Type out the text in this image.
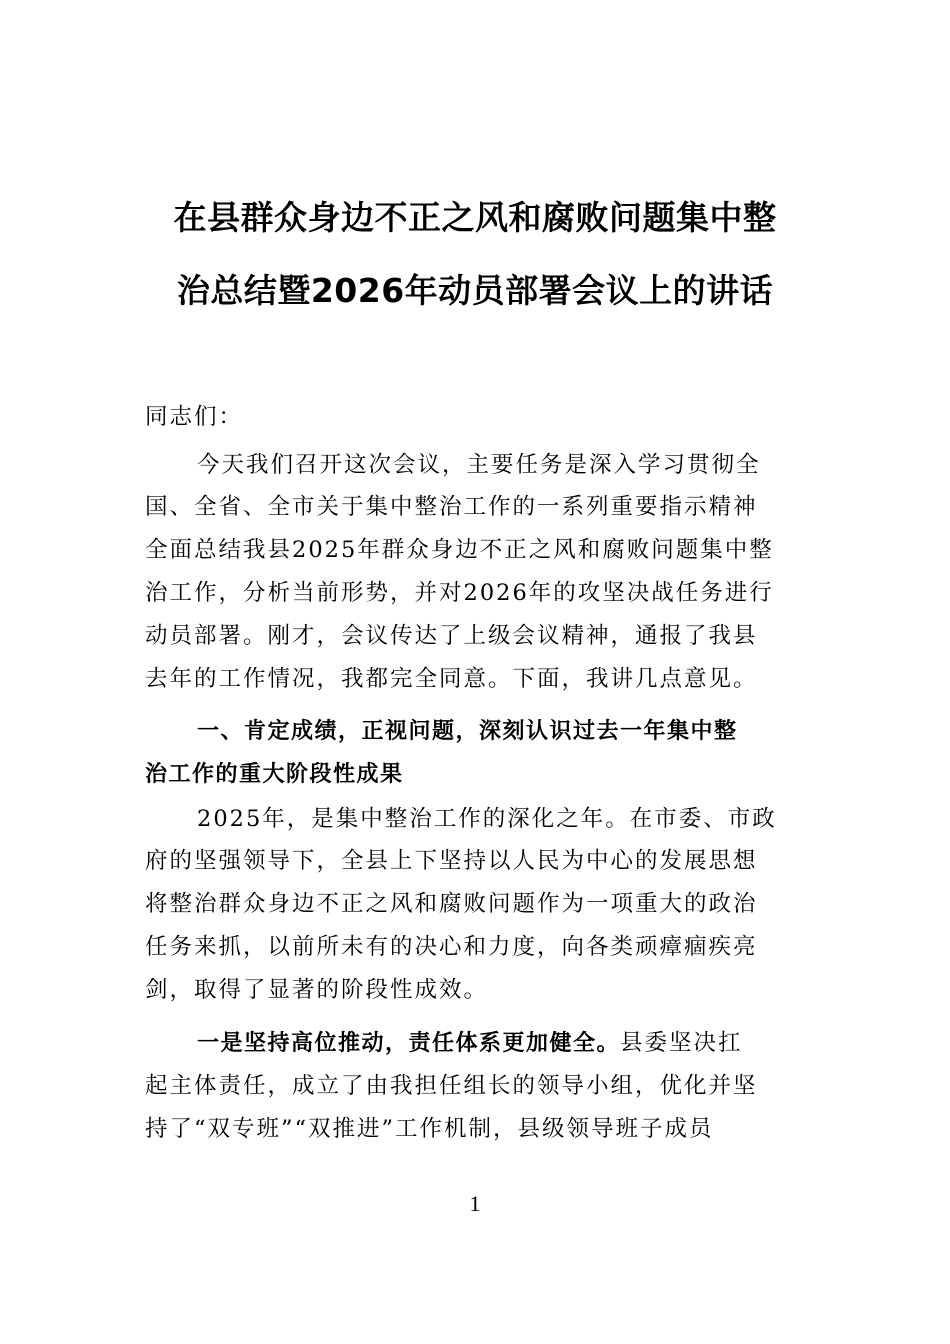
在县群众身边不正之风和腐败问题集中整
治总结暨2026年动员部署会议上的讲话
同志们：
今天我们召开这次会议，主要任务是深入学习贯彻全
国、全省、全市关于集中整治工作的一系列重要指示精神
全面总结我县2025年群众身边不正之风和腐败问题集中整
治工作，分析当前形势，并对2026年的攻坚决战任务进行
动员部署。刚才，会议传达了上级会议精神，通报了我县
去年的工作情况，我都完全同意。下面，我讲几点意见。
一、肯定成绩，正视问题，深刻认识过去一年集中整
治工作的重大阶段性成果
2025年，是集中整治工作的深化之年。在市委、市政
府的坚强领导下，全县上下坚持以人民为中心的发展思想
将整治群众身边不正之风和腐败问题作为一项重大的政治
任务来抓，以前所未有的决心和力度，向各类顽瘴痼疾亮
剑，取得了显著的阶段性成效。
一是坚持高位推动，责任体系更加健全。县委坚决扛
起主体责任，成立了由我担任组长的领导小组，优化并坚
持了“双专班”“双推进”工作机制，县级领导班子成员
1
